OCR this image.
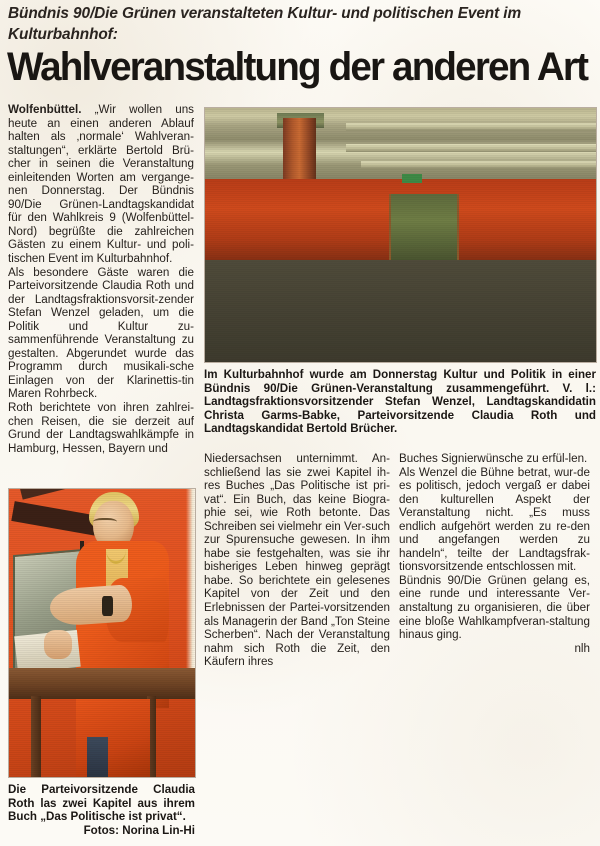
Bündnis 90/Die Grünen veranstalteten Kultur- und politischen Event im Kulturbahnhof:
Wahlveranstaltung der anderen Art

Wolfenbüttel. „Wir wollen uns heute an einen anderen Ablauf halten als ‚normale‘ Wahlveran-staltungen“, erklärte Bertold Brü-cher in seinen die Veranstaltung einleitenden Worten am vergange-nen Donnerstag. Der Bündnis 90/Die Grünen-Landtagskandidat für den Wahlkreis 9 (Wolfenbüttel-Nord) begrüßte die zahlreichen Gästen zu einem Kultur- und poli-tischen Event im Kulturbahnhof.

Als besondere Gäste waren die Parteivorsitzende Claudia Roth und der Landtagsfraktionsvorsit-zender Stefan Wenzel geladen, um die Politik und Kultur zu-sammenführende Veranstaltung zu gestalten. Abgerundet wurde das Programm durch musikali-sche Einlagen von der Klarinettis-tin Maren Rohrbeck.

Roth berichtete von ihren zahlrei-chen Reisen, die sie derzeit auf Grund der Landtagswahlkämpfe in Hamburg, Hessen, Bayern und

Niedersachsen unternimmt. An-schließend las sie zwei Kapitel ih-res Buches „Das Politische ist pri-vat“. Ein Buch, das keine Biogra-phie sei, wie Roth betonte. Das Schreiben sei vielmehr ein Ver-such zur Spurensuche gewesen. In ihm habe sie festgehalten, was sie ihr bisheriges Leben hinweg geprägt habe. So berichtete ein gelesenes Kapitel von der Zeit und den Erlebnissen der Partei-vorsitzenden als Managerin der Band „Ton Steine Scherben“. Nach der Veranstaltung nahm sich Roth die Zeit, den Käufern ihres

Buches Signierwünsche zu erfül-len.

Als Wenzel die Bühne betrat, wur-de es politisch, jedoch vergaß er dabei den kulturellen Aspekt der Veranstaltung nicht. „Es muss endlich aufgehört werden zu re-den und angefangen werden zu handeln“, teilte der Landtagsfrak-tionsvorsitzende entschlossen mit.

Bündnis 90/Die Grünen gelang es, eine runde und interessante Ver-anstaltung zu organisieren, die über eine bloße Wahlkampfveran-staltung hinaus ging.
nlh

Im Kulturbahnhof wurde am Donnerstag Kultur und Politik in einer Bündnis 90/Die Grünen-Veranstaltung zusammengeführt. V. l.: Landtagsfraktionsvorsitzender Stefan Wenzel, Landtagskandidatin Christa Garms-Babke, Parteivorsitzende Claudia Roth und Landtagskandidat Bertold Brücher.
Die Parteivorsitzende Claudia Roth las zwei Kapitel aus ihrem Buch „Das Politische ist privat“.
Fotos: Norina Lin-Hi
